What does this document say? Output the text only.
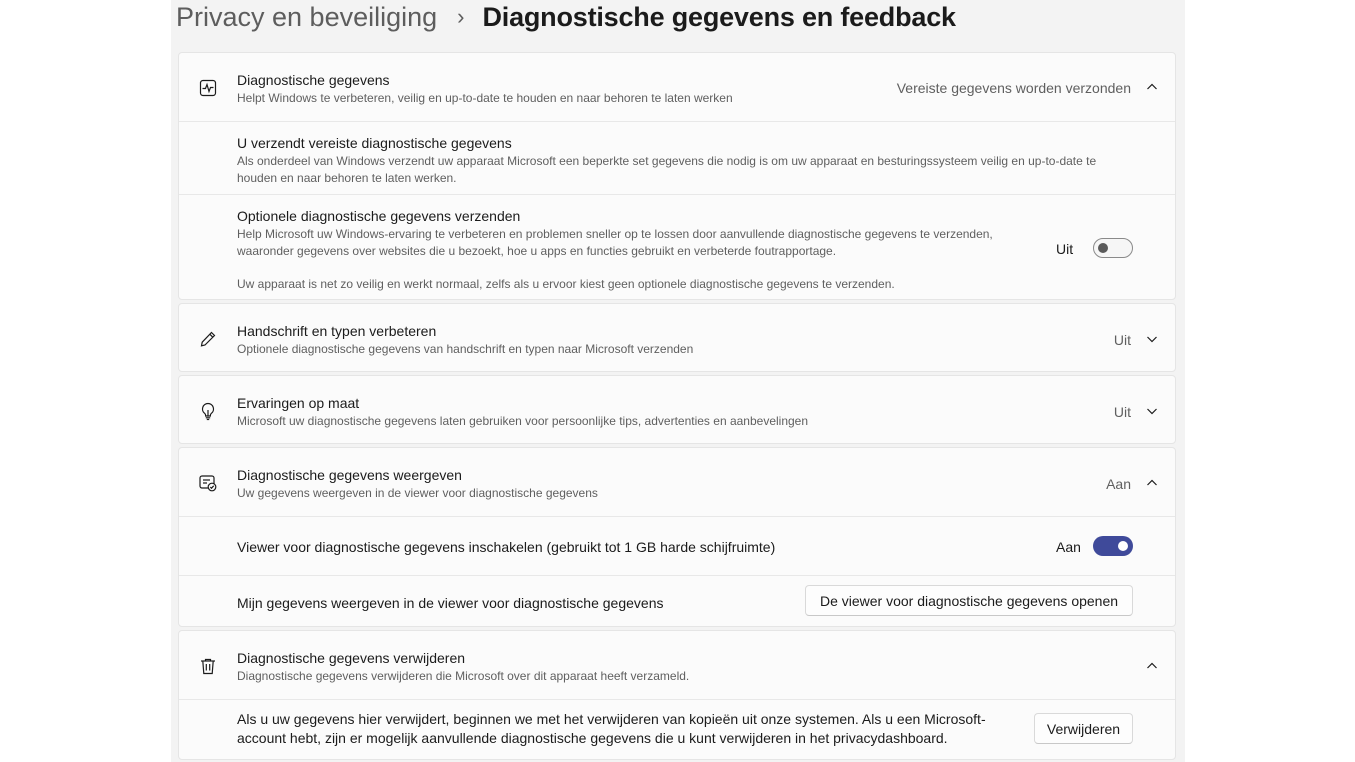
Privacy en beveiliging › Diagnostische gegevens en feedback
Diagnostische gegevens
Helpt Windows te verbeteren, veilig en up-to-date te houden en naar behoren te laten werken
Vereiste gegevens worden verzonden
U verzendt vereiste diagnostische gegevens
Als onderdeel van Windows verzendt uw apparaat Microsoft een beperkte set gegevens die nodig is om uw apparaat en besturingssysteem veilig en up-to-date te houden en naar behoren te laten werken.
Optionele diagnostische gegevens verzenden
Help Microsoft uw Windows-ervaring te verbeteren en problemen sneller op te lossen door aanvullende diagnostische gegevens te verzenden, waaronder gegevens over websites die u bezoekt, hoe u apps en functies gebruikt en verbeterde foutrapportage.
Uw apparaat is net zo veilig en werkt normaal, zelfs als u ervoor kiest geen optionele diagnostische gegevens te verzenden.
Uit
Handschrift en typen verbeteren
Optionele diagnostische gegevens van handschrift en typen naar Microsoft verzenden
Uit
Ervaringen op maat
Microsoft uw diagnostische gegevens laten gebruiken voor persoonlijke tips, advertenties en aanbevelingen
Uit
Diagnostische gegevens weergeven
Uw gegevens weergeven in de viewer voor diagnostische gegevens
Aan
Viewer voor diagnostische gegevens inschakelen (gebruikt tot 1 GB harde schijfruimte)	Aan
Mijn gegevens weergeven in de viewer voor diagnostische gegevens	De viewer voor diagnostische gegevens openen
Diagnostische gegevens verwijderen
Diagnostische gegevens verwijderen die Microsoft over dit apparaat heeft verzameld.
Als u uw gegevens hier verwijdert, beginnen we met het verwijderen van kopieën uit onze systemen. Als u een Microsoft-account hebt, zijn er mogelijk aanvullende diagnostische gegevens die u kunt verwijderen in het privacydashboard.
Verwijderen
